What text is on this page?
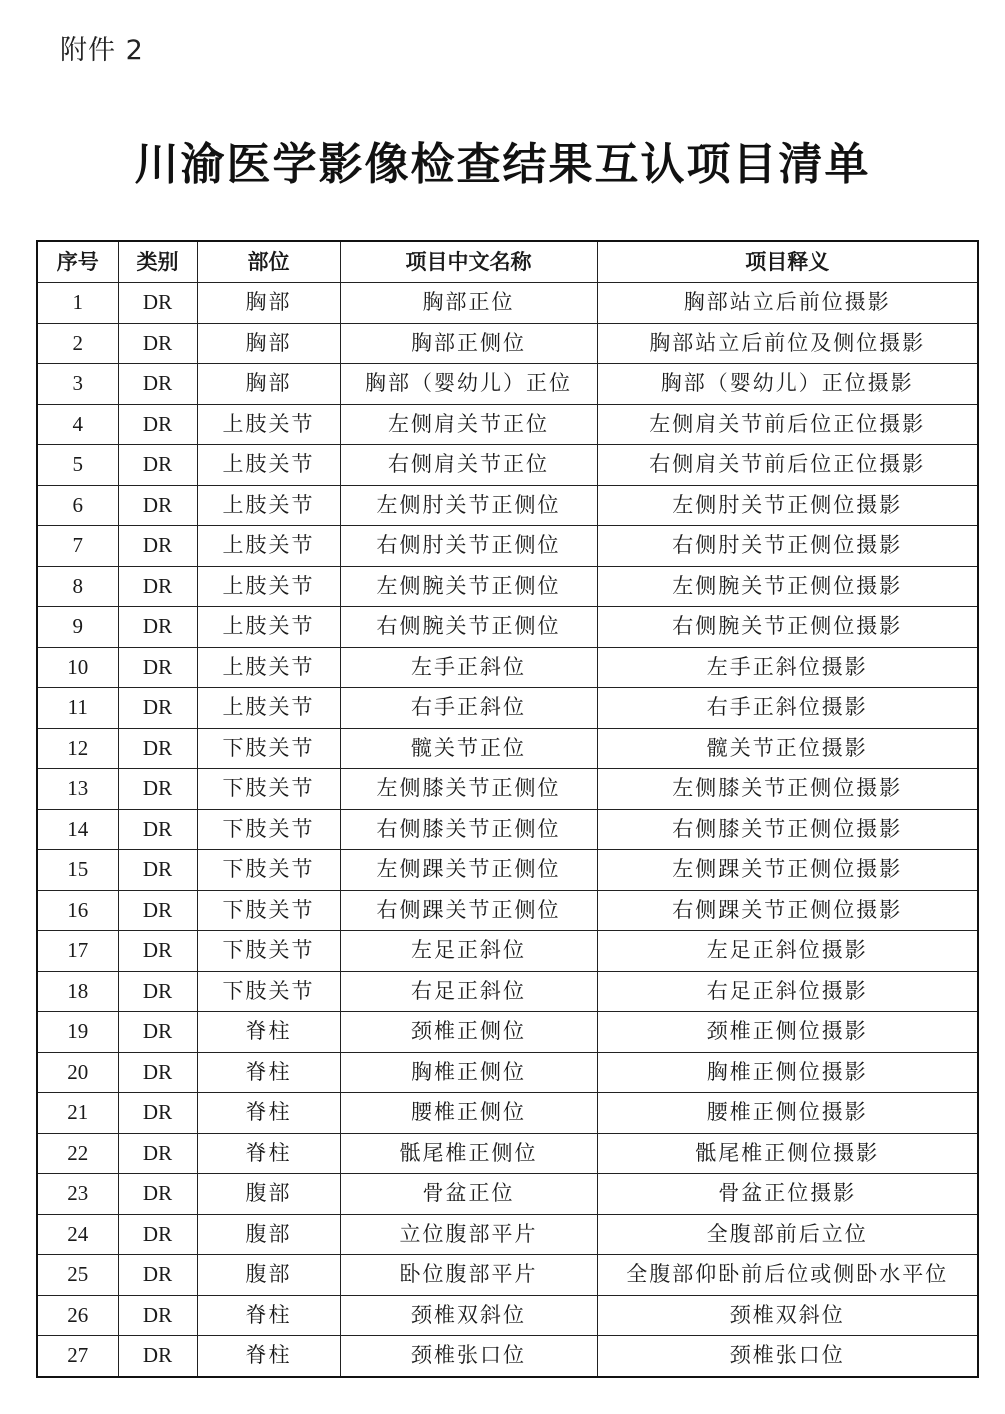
附件 2
川渝医学影像检查结果互认项目清单
序号	类别	部位	项目中文名称	项目释义
1	DR	胸部	胸部正位	胸部站立后前位摄影
2	DR	胸部	胸部正侧位	胸部站立后前位及侧位摄影
3	DR	胸部	胸部（婴幼儿）正位	胸部（婴幼儿）正位摄影
4	DR	上肢关节	左侧肩关节正位	左侧肩关节前后位正位摄影
5	DR	上肢关节	右侧肩关节正位	右侧肩关节前后位正位摄影
6	DR	上肢关节	左侧肘关节正侧位	左侧肘关节正侧位摄影
7	DR	上肢关节	右侧肘关节正侧位	右侧肘关节正侧位摄影
8	DR	上肢关节	左侧腕关节正侧位	左侧腕关节正侧位摄影
9	DR	上肢关节	右侧腕关节正侧位	右侧腕关节正侧位摄影
10	DR	上肢关节	左手正斜位	左手正斜位摄影
11	DR	上肢关节	右手正斜位	右手正斜位摄影
12	DR	下肢关节	髋关节正位	髋关节正位摄影
13	DR	下肢关节	左侧膝关节正侧位	左侧膝关节正侧位摄影
14	DR	下肢关节	右侧膝关节正侧位	右侧膝关节正侧位摄影
15	DR	下肢关节	左侧踝关节正侧位	左侧踝关节正侧位摄影
16	DR	下肢关节	右侧踝关节正侧位	右侧踝关节正侧位摄影
17	DR	下肢关节	左足正斜位	左足正斜位摄影
18	DR	下肢关节	右足正斜位	右足正斜位摄影
19	DR	脊柱	颈椎正侧位	颈椎正侧位摄影
20	DR	脊柱	胸椎正侧位	胸椎正侧位摄影
21	DR	脊柱	腰椎正侧位	腰椎正侧位摄影
22	DR	脊柱	骶尾椎正侧位	骶尾椎正侧位摄影
23	DR	腹部	骨盆正位	骨盆正位摄影
24	DR	腹部	立位腹部平片	全腹部前后立位
25	DR	腹部	卧位腹部平片	全腹部仰卧前后位或侧卧水平位
26	DR	脊柱	颈椎双斜位	颈椎双斜位
27	DR	脊柱	颈椎张口位	颈椎张口位
